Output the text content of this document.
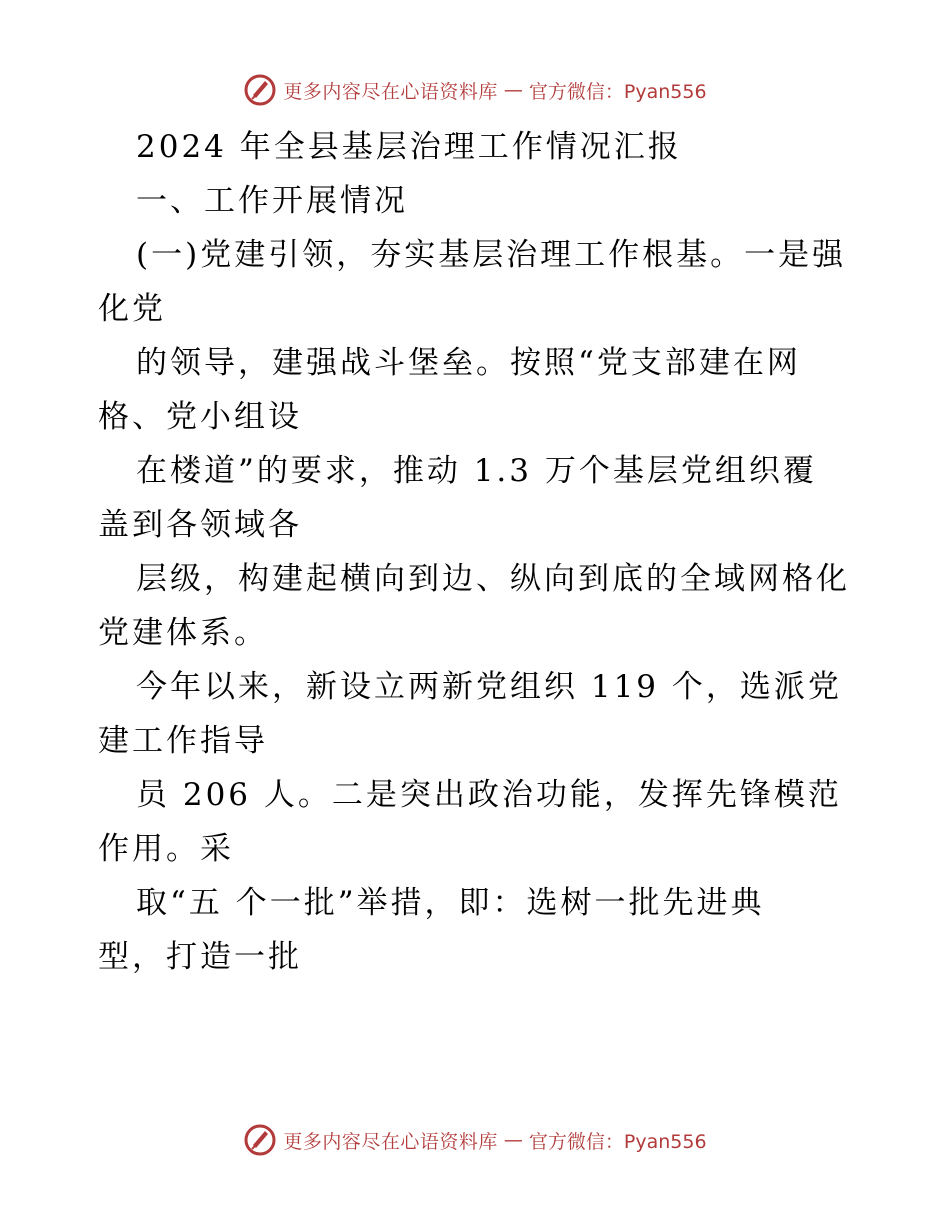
更多内容尽在心语资料库 — 官方微信：Pyan556
2024 年全县基层治理工作情况汇报
一、工作开展情况
(一)党建引领，夯实基层治理工作根基。一是强
化党
的领导，建强战斗堡垒。按照“党支部建在网
格、党小组设
在楼道”的要求，推动 1.3 万个基层党组织覆
盖到各领域各
层级，构建起横向到边、纵向到底的全域网格化
党建体系。
今年以来，新设立两新党组织 119 个，选派党
建工作指导
员 206 人。二是突出政治功能，发挥先锋模范
作用。采
取“五 个一批”举措，即：选树一批先进典
型，打造一批
更多内容尽在心语资料库 — 官方微信：Pyan556
